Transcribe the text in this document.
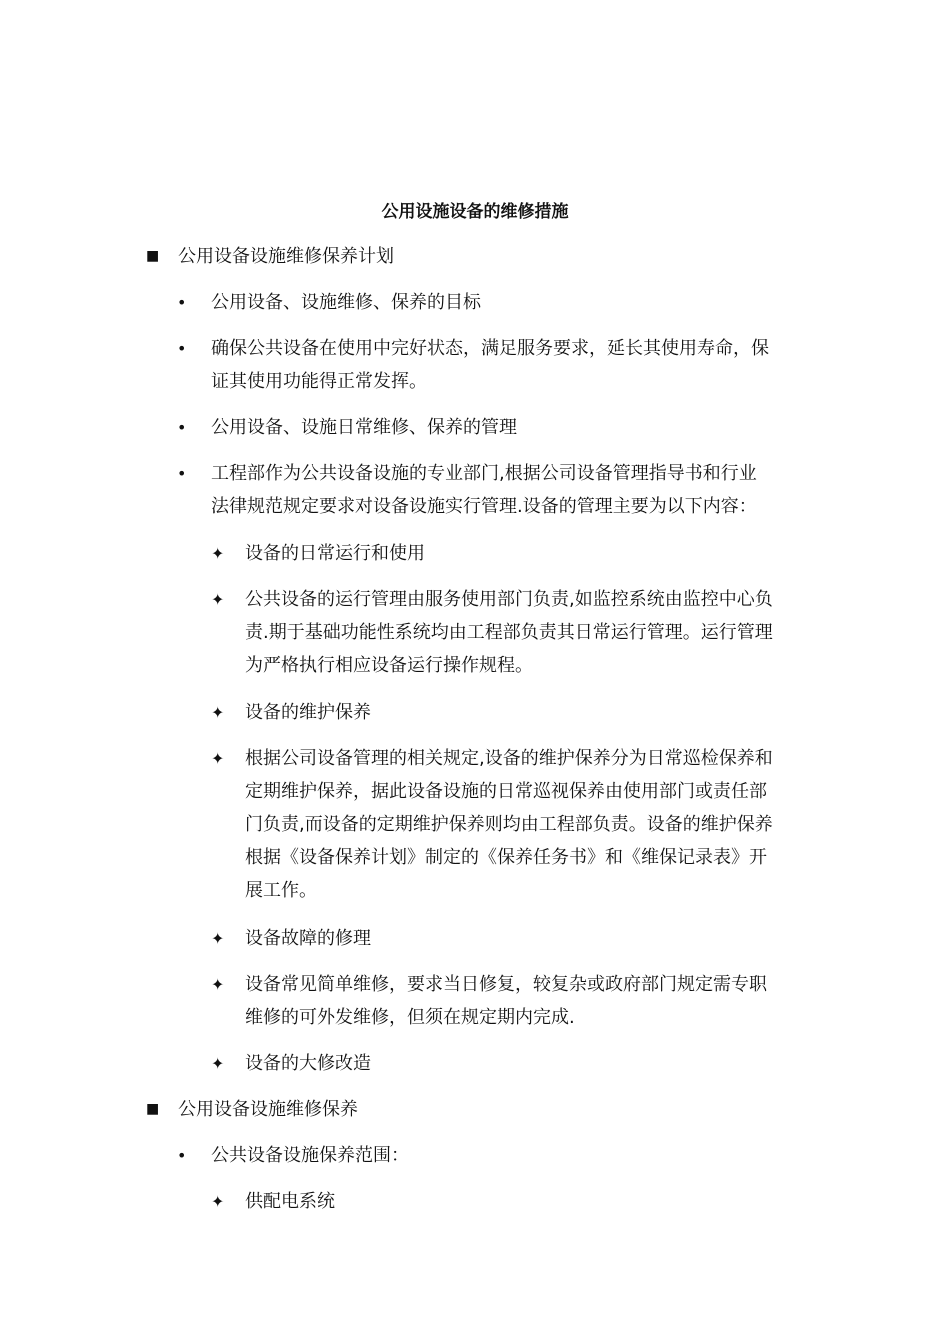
公用设施设备的维修措施
■ 公用设备设施维修保养计划
• 公用设备、设施维修、保养的目标
• 确保公共设备在使用中完好状态，满足服务要求，延长其使用寿命，保
证其使用功能得正常发挥。
• 公用设备、设施日常维修、保养的管理
• 工程部作为公共设备设施的专业部门,根据公司设备管理指导书和行业
法律规范规定要求对设备设施实行管理.设备的管理主要为以下内容：
✦ 设备的日常运行和使用
✦ 公共设备的运行管理由服务使用部门负责,如监控系统由监控中心负
责.期于基础功能性系统均由工程部负责其日常运行管理。运行管理
为严格执行相应设备运行操作规程。
✦ 设备的维护保养
✦ 根据公司设备管理的相关规定,设备的维护保养分为日常巡检保养和
定期维护保养，据此设备设施的日常巡视保养由使用部门或责任部
门负责,而设备的定期维护保养则均由工程部负责。设备的维护保养
根据《设备保养计划》制定的《保养任务书》和《维保记录表》开
展工作。
✦ 设备故障的修理
✦ 设备常见简单维修，要求当日修复，较复杂或政府部门规定需专职
维修的可外发维修，但须在规定期内完成.
✦ 设备的大修改造
■ 公用设备设施维修保养
• 公共设备设施保养范围：
✦ 供配电系统
